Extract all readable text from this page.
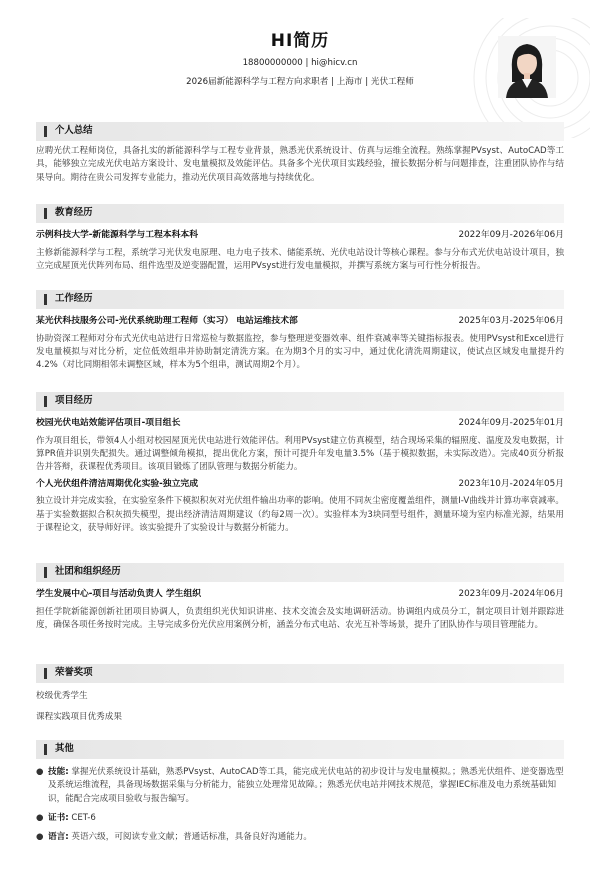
HI简历
18800000000 | hi@hicv.cn
2026届新能源科学与工程方向求职者 | 上海市 | 光伏工程师
个人总结
应聘光伏工程师岗位，具备扎实的新能源科学与工程专业背景，熟悉光伏系统设计、仿真与运维全流程。熟练掌握PVsyst、AutoCAD等工具，能够独立完成光伏电站方案设计、发电量模拟及效能评估。具备多个光伏项目实践经验，擅长数据分析与问题排查，注重团队协作与结果导向。期待在贵公司发挥专业能力，推动光伏项目高效落地与持续优化。
教育经历
示例科技大学-新能源科学与工程本科本科	2022年09月-2026年06月
主修新能源科学与工程，系统学习光伏发电原理、电力电子技术、储能系统、光伏电站设计等核心课程。参与分布式光伏电站设计项目，独立完成屋顶光伏阵列布局、组件选型及逆变器配置，运用PVsyst进行发电量模拟，并撰写系统方案与可行性分析报告。
工作经历
某光伏科技服务公司-光伏系统助理工程师（实习） 电站运维技术部	2025年03月-2025年06月
协助资深工程师对分布式光伏电站进行日常巡检与数据监控，参与整理逆变器效率、组件衰减率等关键指标报表。使用PVsyst和Excel进行发电量模拟与对比分析，定位低效组串并协助制定清洗方案。在为期3个月的实习中，通过优化清洗周期建议，使试点区域发电量提升约4.2%（对比同期相邻未调整区域，样本为5个组串，测试周期2个月）。
项目经历
校园光伏电站效能评估项目-项目组长	2024年09月-2025年01月
作为项目组长，带领4人小组对校园屋顶光伏电站进行效能评估。利用PVsyst建立仿真模型，结合现场采集的辐照度、温度及发电数据，计算PR值并识别失配损失。通过调整倾角模拟，提出优化方案，预计可提升年发电量3.5%（基于模拟数据，未实际改造）。完成40页分析报告并答辩，获课程优秀项目。该项目锻炼了团队管理与数据分析能力。
个人光伏组件清洁周期优化实验-独立完成	2023年10月-2024年05月
独立设计并完成实验，在实验室条件下模拟积灰对光伏组件输出功率的影响。使用不同灰尘密度覆盖组件，测量I-V曲线并计算功率衰减率。基于实验数据拟合积灰损失模型，提出经济清洁周期建议（约每2周一次）。实验样本为3块同型号组件，测量环境为室内标准光源，结果用于课程论文，获导师好评。该实验提升了实验设计与数据分析能力。
社团和组织经历
学生发展中心-项目与活动负责人 学生组织	2023年09月-2024年06月
担任学院新能源创新社团项目协调人，负责组织光伏知识讲座、技术交流会及实地调研活动。协调组内成员分工，制定项目计划并跟踪进度，确保各项任务按时完成。主导完成多份光伏应用案例分析，涵盖分布式电站、农光互补等场景，提升了团队协作与项目管理能力。
荣誉奖项
校级优秀学生
课程实践项目优秀成果
其他
● 技能: 掌握光伏系统设计基础，熟悉PVsyst、AutoCAD等工具，能完成光伏电站的初步设计与发电量模拟。；熟悉光伏组件、逆变器选型及系统运维流程，具备现场数据采集与分析能力，能独立处理常见故障。；熟悉光伏电站并网技术规范，掌握IEC标准及电力系统基础知识，能配合完成项目验收与报告编写。
● 证书: CET-6
● 语言: 英语六级，可阅读专业文献；普通话标准，具备良好沟通能力。
